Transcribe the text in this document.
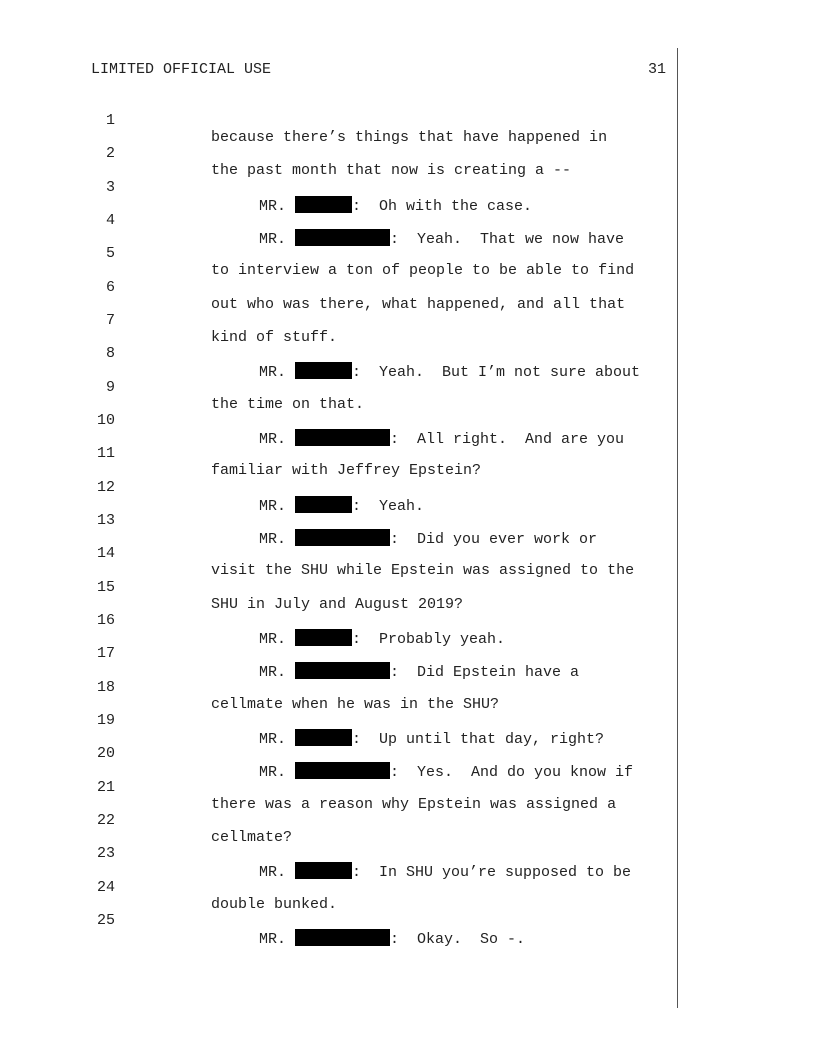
LIMITED OFFICIAL USE	31

1

because there’s things that have happened in

2

the past month that now is creating a --

3

MR.	:  Oh with the case.

4

MR.	:  Yeah.  That we now have

5

to interview a ton of people to be able to find

6

out who was there, what happened, and all that

7

kind of stuff.

8

MR.	:  Yeah.  But I’m not sure about

9

the time on that.

10

MR.	:  All right.  And are you

11

familiar with Jeffrey Epstein?

12

MR.	:  Yeah.

13

MR.	:  Did you ever work or

14

visit the SHU while Epstein was assigned to the

15

SHU in July and August 2019?

16

MR.	:  Probably yeah.

17

MR.	:  Did Epstein have a

18

cellmate when he was in the SHU?

19

MR.	:  Up until that day, right?

20

MR.	:  Yes.  And do you know if

21

there was a reason why Epstein was assigned a

22

cellmate?

23

MR.	:  In SHU you’re supposed to be

24

double bunked.

25

MR.	:  Okay.  So -.
